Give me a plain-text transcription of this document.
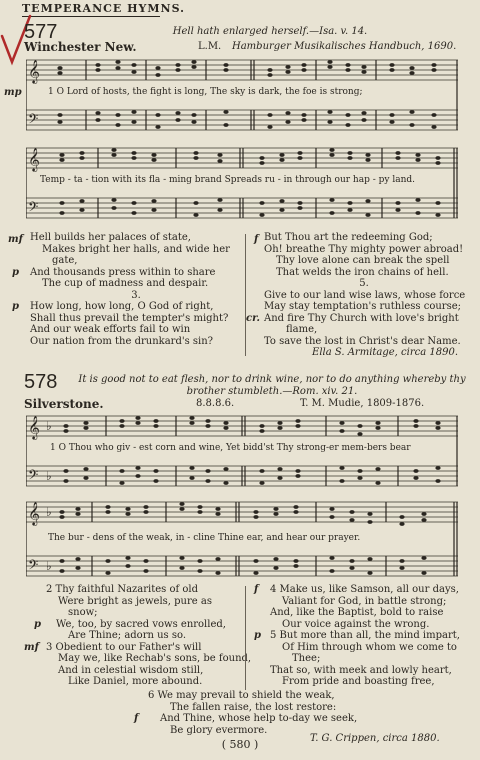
TEMPERANCE HYMNS.
577	Hell hath enlarged herself.—Isa. v. 14.
Winchester New.	L.M. Hamburger Musikalisches Handbuch, 1690.
𝄞
𝄢
mp	1 O Lord of hosts, the fight is long, The sky is dark, the foe is strong;
𝄞
𝄢
Temp - ta - tion with its fla - ming brand Spreads ru - in through our hap - py land.
mf Hell builds her palaces of state,
Makes bright her halls, and wide her
gate,
p And thousands press within to share
The cup of madness and despair.
3.
p How long, how long, O God of right,
Shall thus prevail the tempter's might?
And our weak efforts fail to win
Our nation from the drunkard's sin?
f But Thou art the redeeming God;
Oh! breathe Thy mighty power abroad!
Thy love alone can break the spell
That welds the iron chains of hell.
5.
Give to our land wise laws, whose force
May stay temptation's ruthless course;
cr. And fire Thy Church with love's bright
flame,
To save the lost in Christ's dear Name.
Ella S. Armitage, circa 1890.
578	It is good not to eat flesh, nor to drink wine, nor to do anything whereby thy
brother stumbleth.—Rom. xiv. 21.
Silverstone.	8.8.8.6.	T. M. Mudie, 1809-1876.
𝄞 ♭
𝄢 ♭
1 O Thou who giv - est corn and wine, Yet bidd'st Thy strong-er mem-bers bear
𝄞 ♭
𝄢 ♭
The bur - dens of the weak, in - cline Thine ear, and hear our prayer.
2 Thy faithful Nazarites of old
Were bright as jewels, pure as
snow;
p We, too, by sacred vows enrolled,
Are Thine; adorn us so.
mf 3 Obedient to our Father's will
May we, like Rechab's sons, be found,
And in celestial wisdom still,
Like Daniel, more abound.
f 4 Make us, like Samson, all our days,
Valiant for God, in battle strong;
And, like the Baptist, bold to raise
Our voice against the wrong.
p 5 But more than all, the mind impart,
Of Him through whom we come to
Thee;
That so, with meek and lowly heart,
From pride and boasting free,
6 We may prevail to shield the weak,
The fallen raise, the lost restore:
f And Thine, whose help to-day we seek,
Be glory evermore.
T. G. Crippen, circa 1880.
( 580 )
